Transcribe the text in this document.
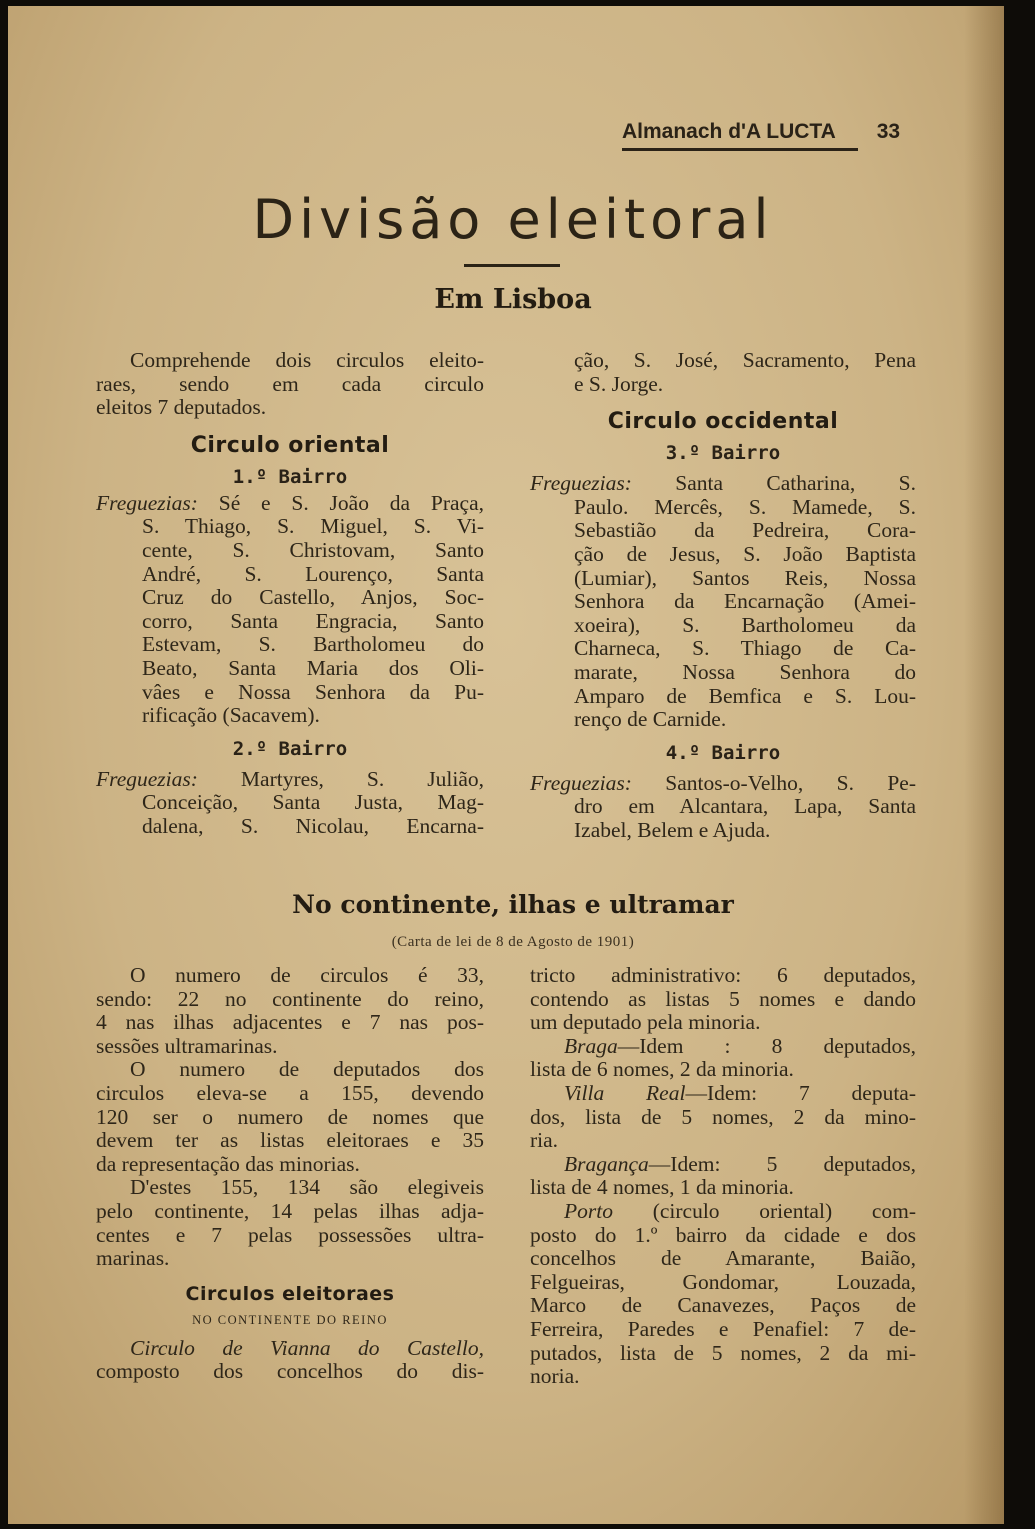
Almanach d'A LUCTA 33
Divisão eleitoral
Em Lisboa

Comprehende dois circulos eleito-

raes, sendo em cada circulo

eleitos 7 deputados.

Circulo oriental

1.º Bairro

Freguezias: Sé e S. João da Praça,

S. Thiago, S. Miguel, S. Vi-

cente, S. Christovam, Santo

André, S. Lourenço, Santa

Cruz do Castello, Anjos, Soc-

corro, Santa Engracia, Santo

Estevam, S. Bartholomeu do

Beato, Santa Maria dos Oli-

vâes e Nossa Senhora da Pu-

rificação (Sacavem).

2.º Bairro

Freguezias: Martyres, S. Julião,

Conceição, Santa Justa, Mag-

dalena, S. Nicolau, Encarna-

ção, S. José, Sacramento, Pena

e S. Jorge.

Circulo occidental

3.º Bairro

Freguezias: Santa Catharina, S.

Paulo. Mercês, S. Mamede, S.

Sebastião da Pedreira, Cora-

ção de Jesus, S. João Baptista

(Lumiar), Santos Reis, Nossa

Senhora da Encarnação (Amei-

xoeira), S. Bartholomeu da

Charneca, S. Thiago de Ca-

marate, Nossa Senhora do

Amparo de Bemfica e S. Lou-

renço de Carnide.

4.º Bairro

Freguezias: Santos-o-Velho, S. Pe-

dro em Alcantara, Lapa, Santa

Izabel, Belem e Ajuda.

No continente, ilhas e ultramar
(Carta de lei de 8 de Agosto de 1901)

O numero de circulos é 33,

sendo: 22 no continente do reino,

4 nas ilhas adjacentes e 7 nas pos-

sessões ultramarinas.

O numero de deputados dos

circulos eleva-se a 155, devendo

120 ser o numero de nomes que

devem ter as listas eleitoraes e 35

da representação das minorias.

D'estes 155, 134 são elegiveis

pelo continente, 14 pelas ilhas adja-

centes e 7 pelas possessões ultra-

marinas.

Circulos eleitoraes

NO CONTINENTE DO REINO

Circulo de Vianna do Castello,

composto dos concelhos do dis-

tricto administrativo: 6 deputados,

contendo as listas 5 nomes e dando

um deputado pela minoria.

Braga—Idem : 8 deputados,

lista de 6 nomes, 2 da minoria.

Villa Real—Idem: 7 deputa-

dos, lista de 5 nomes, 2 da mino-

ria.

Bragança—Idem: 5 deputados,

lista de 4 nomes, 1 da minoria.

Porto (circulo oriental) com-

posto do 1.º bairro da cidade e dos

concelhos de Amarante, Baião,

Felgueiras, Gondomar, Louzada,

Marco de Canavezes, Paços de

Ferreira, Paredes e Penafiel: 7 de-

putados, lista de 5 nomes, 2 da mi-

noria.
